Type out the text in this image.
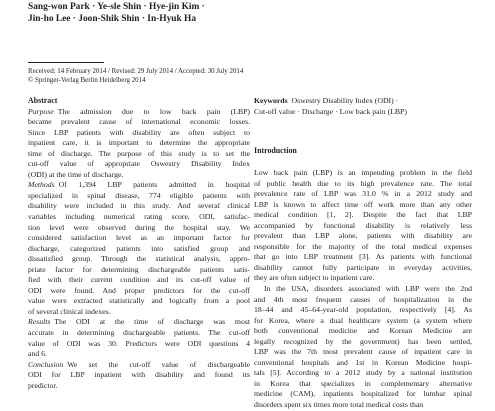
Sang-won Park · Ye-sle Shin · Hye-jin Kim ·
Jin-ho Lee · Joon-Shik Shin · In-Hyuk Ha
Received: 14 February 2014 / Revised: 29 July 2014 / Accepted: 30 July 2014
© Springer-Verlag Berlin Heidelberg 2014

Abstract

Purpose  The admission due to low back pain (LBP)
became prevalent cause of international economic losses.
Since LBP patients with disability are often subject to
inpatient care, it is important to determine the appropriate
time of discharge. The purpose of this study is to set the
cut-off value of appropriate Oswestry Disability Index
(ODI) at the time of discharge.
Methods  Of 1,394 LBP patients admitted in hospital
specialized in spinal disease, 774 eligible patients with
disability were included in this study. And several clinical
variables including numerical rating score, ODI, satisfac-
tion level were observed during the hospital stay. We
considered satisfaction level as an important factor for
discharge, categorized patients into satisfied group and
dissatisfied group. Through the statistical analysis, appro-
priate factor for determining dischargeable patients satis-
fied with their current condition and its cut-off value of
ODI were found. And proper predictors for the cut-off
value were extracted statistically and logically from a pool
of several clinical indexes.
Results  The ODI at the time of discharge was most
accurate in determining dischargeable patients. The cut-off
value of ODI was 30. Predictors were ODI questions 4
and 6.
Conclusion  We set the cut-off value of dischargeable
ODI for LBP inpatient with disability and found its
predictor.
Keywords Oswestry Disability Index (ODI) ·
Cut-off value · Discharge · Low back pain (LBP)
Introduction
Low back pain (LBP) is an impending problem in the field
of public health due to its high prevalence rate. The total
prevalence rate of LBP was 31.0 % in a 2012 study and
LBP is known to affect time off work more than any other
medical condition [1, 2]. Despite the fact that LBP
accompanied by functional disability is relatively less
prevalent than LBP alone, patients with disability are
responsible for the majority of the total medical expenses
that go into LBP treatment [3]. As patients with functional
disability cannot fully participate in everyday activities,
they are often subject to inpatient care.
In the USA, disorders associated with LBP were the 2nd
and 4th most frequent causes of hospitalization in the
18–44 and 45–64-year-old population, respectively [4]. As
for Korea, where a dual healthcare system (a system where
both conventional medicine and Korean Medicine are
legally recognized by the government) has been settled,
LBP was the 7th most prevalent cause of inpatient care in
conventional hospitals and 1st in Korean Medicine hospi-
tals [5]. According to a 2012 study by a national institution
in Korea that specializes in complementary alternative
medicine (CAM), inpatients hospitalized for lumbar spinal
disorders spent six times more total medical costs than
